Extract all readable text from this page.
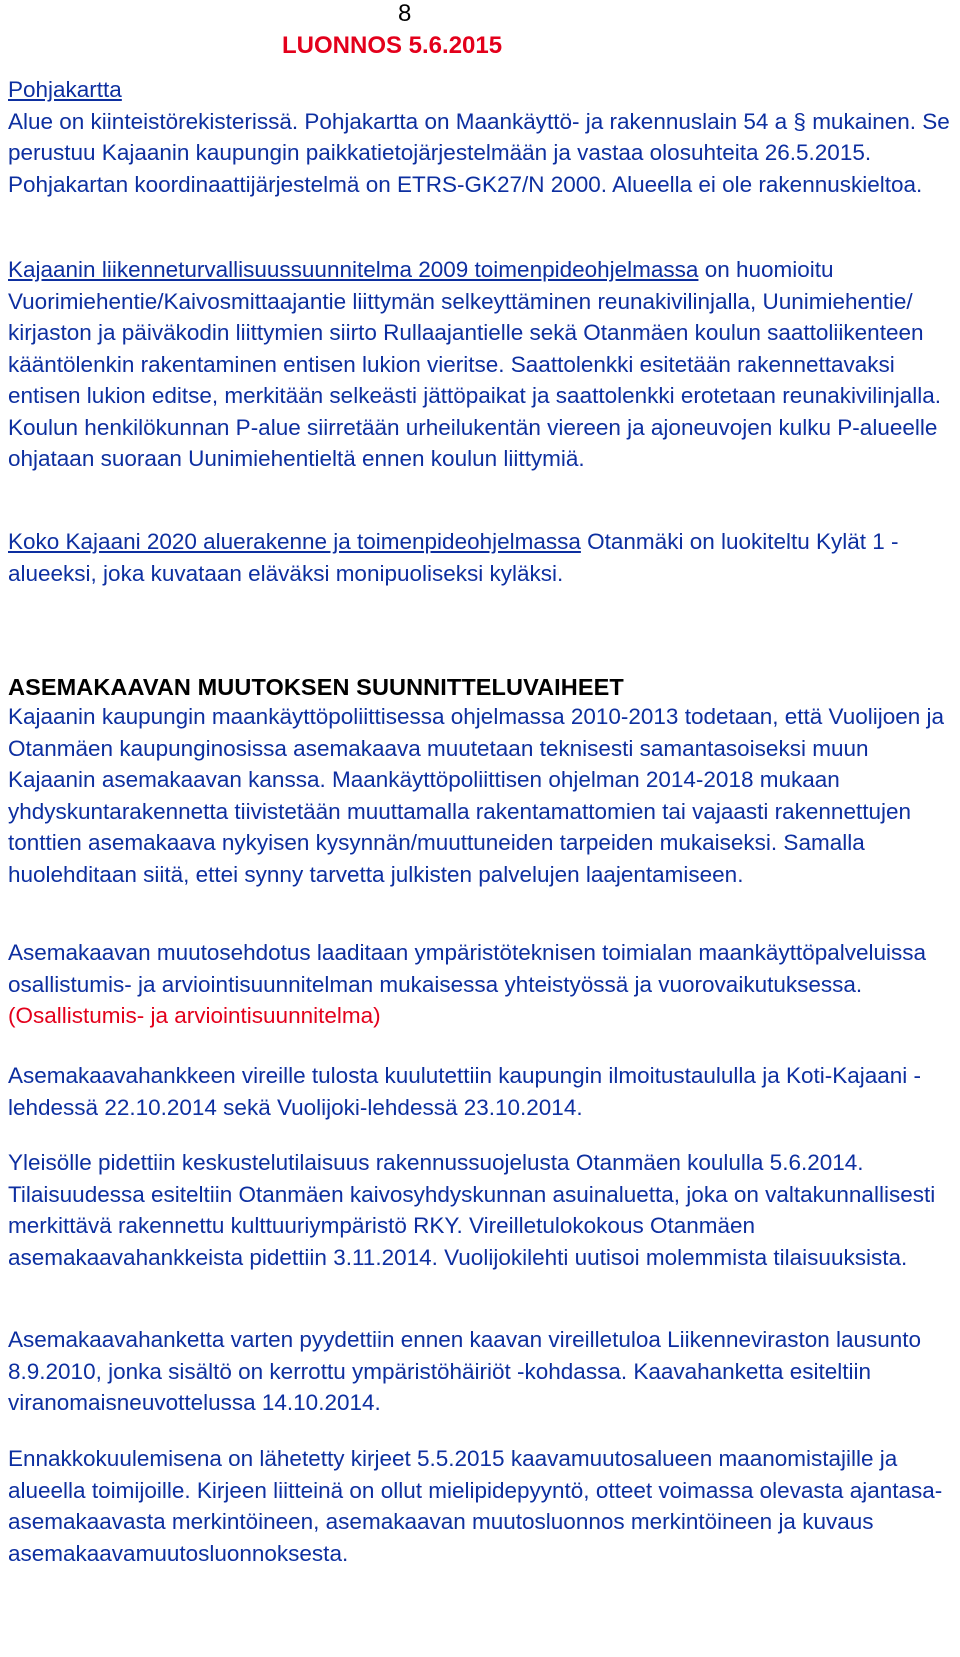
8
LUONNOS 5.6.2015
Pohjakartta
Alue on kiinteistörekisterissä. Pohjakartta on Maankäyttö- ja rakennuslain 54 a § mukainen. Se perustuu Kajaanin kaupungin paikkatietojärjestelmään ja vastaa olosuhteita 26.5.2015. Pohjakartan koordinaattijärjestelmä on ETRS-GK27/N 2000. Alueella ei ole rakennuskieltoa.

Kajaanin liikenneturvallisuussuunnitelma 2009 toimenpideohjelmassa on huomioitu Vuorimiehentie/Kaivosmittaajantie liittymän selkeyttäminen reunakivilinjalla, Uunimiehentie/ kirjaston ja päiväkodin liittymien siirto Rullaajantielle sekä Otanmäen koulun saattoliikenteen kääntölenkin rakentaminen entisen lukion vieritse. Saattolenkki esitetään rakennettavaksi entisen lukion editse, merkitään selkeästi jättöpaikat ja saattolenkki erotetaan reunakivilinjalla. Koulun henkilökunnan P-alue siirretään urheilukentän viereen ja ajoneuvojen kulku P-alueelle ohjataan suoraan Uunimiehentieltä ennen koulun liittymiä.

Koko Kajaani 2020 aluerakenne ja toimenpideohjelmassa Otanmäki on luokiteltu Kylät 1 -alueeksi, joka kuvataan eläväksi monipuoliseksi kyläksi.

ASEMAKAAVAN MUUTOKSEN SUUNNITTELUVAIHEET

Kajaanin kaupungin maankäyttöpoliittisessa ohjelmassa 2010-2013 todetaan, että Vuolijoen ja Otanmäen kaupunginosissa asemakaava muutetaan teknisesti samantasoiseksi muun Kajaanin asemakaavan kanssa. Maankäyttöpoliittisen ohjelman 2014-2018 mukaan yhdyskuntarakennetta tiivistetään muuttamalla rakentamattomien tai vajaasti rakennettujen tonttien asemakaava nykyisen kysynnän/muuttuneiden tarpeiden mukaiseksi. Samalla huolehditaan siitä, ettei synny tarvetta julkisten palvelujen laajentamiseen.

Asemakaavan muutosehdotus laaditaan ympäristöteknisen toimialan maankäyttöpalveluissa osallistumis- ja arviointisuunnitelman mukaisessa yhteistyössä ja vuorovaikutuksessa. (Osallistumis- ja arviointisuunnitelma)

Asemakaavahankkeen vireille tulosta kuulutettiin kaupungin ilmoitustaululla ja Koti-Kajaani -lehdessä 22.10.2014 sekä Vuolijoki-lehdessä 23.10.2014.

Yleisölle pidettiin keskustelutilaisuus rakennussuojelusta Otanmäen koululla 5.6.2014. Tilaisuudessa esiteltiin Otanmäen kaivosyhdyskunnan asuinaluetta, joka on valtakunnallisesti merkittävä rakennettu kulttuuriympäristö RKY. Vireilletulokokous Otanmäen asemakaavahankkeista pidettiin 3.11.2014. Vuolijokilehti uutisoi molemmista tilaisuuksista.

Asemakaavahanketta varten pyydettiin ennen kaavan vireilletuloa Liikenneviraston lausunto 8.9.2010, jonka sisältö on kerrottu ympäristöhäiriöt -kohdassa. Kaavahanketta esiteltiin viranomaisneuvottelussa 14.10.2014.

Ennakkokuulemisena on lähetetty kirjeet 5.5.2015 kaavamuutosalueen maanomistajille ja alueella toimijoille. Kirjeen liitteinä on ollut mielipidepyyntö, otteet voimassa olevasta ajantasa-asemakaavasta merkintöineen, asemakaavan muutosluonnos merkintöineen ja kuvaus asemakaavamuutosluonnoksesta.
